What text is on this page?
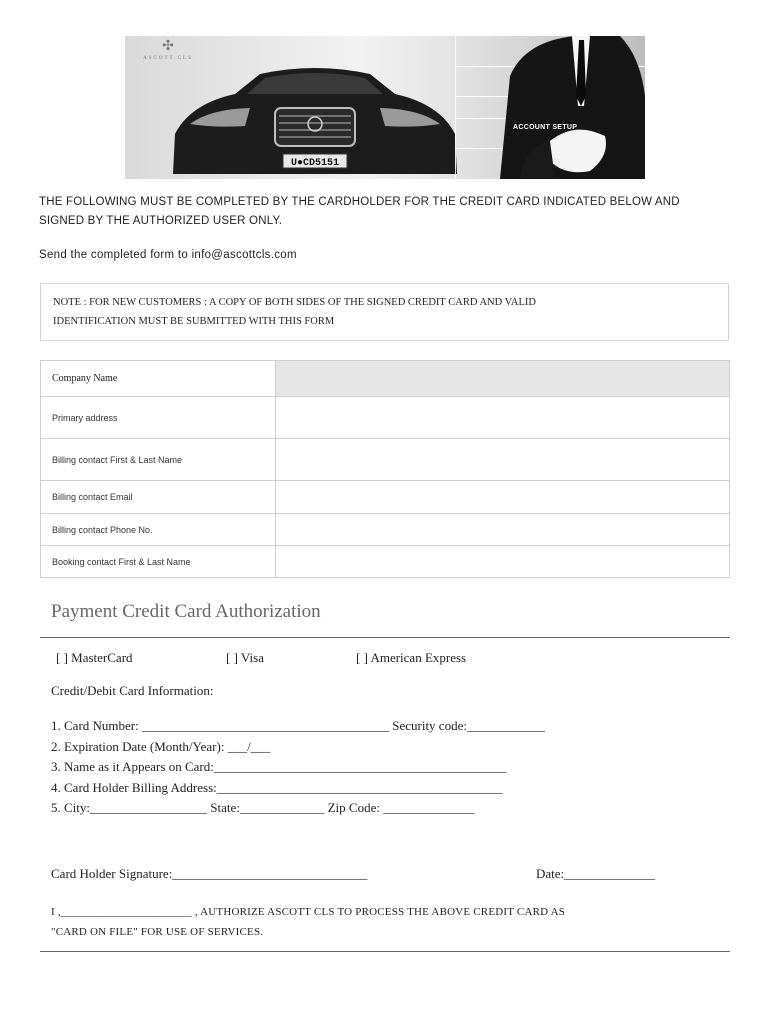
✣
ASCOTT CLS
U●CD5151
ACCOUNT SETUP
THE FOLLOWING MUST BE COMPLETED BY THE CARDHOLDER FOR THE CREDIT CARD INDICATED BELOW AND
SIGNED BY THE AUTHORIZED USER ONLY.
Send the completed form to info@ascottcls.com
NOTE : FOR NEW CUSTOMERS : A COPY OF BOTH SIDES OF THE SIGNED CREDIT CARD AND VALID
IDENTIFICATION MUST BE SUBMITTED WITH THIS FORM
Company Name	
Primary address	
Billing contact First & Last Name	
Billing contact Email	
Billing contact Phone No.	
Booking contact First & Last Name	
Payment Credit Card Authorization
[ ] MasterCard	[ ] Visa	[ ] American Express
Credit/Debit Card Information:
1. Card Number: ______________________________________ Security code:____________
2. Expiration Date (Month/Year): ___/___
3. Name as it Appears on Card:_____________________________________________
4. Card Holder Billing Address:____________________________________________
5. City:__________________ State:_____________ Zip Code: ______________
Card Holder Signature:______________________________	Date:______________
I ,_______________________ , AUTHORIZE ASCOTT CLS TO PROCESS THE ABOVE CREDIT CARD AS
"CARD ON FILE" FOR USE OF SERVICES.
